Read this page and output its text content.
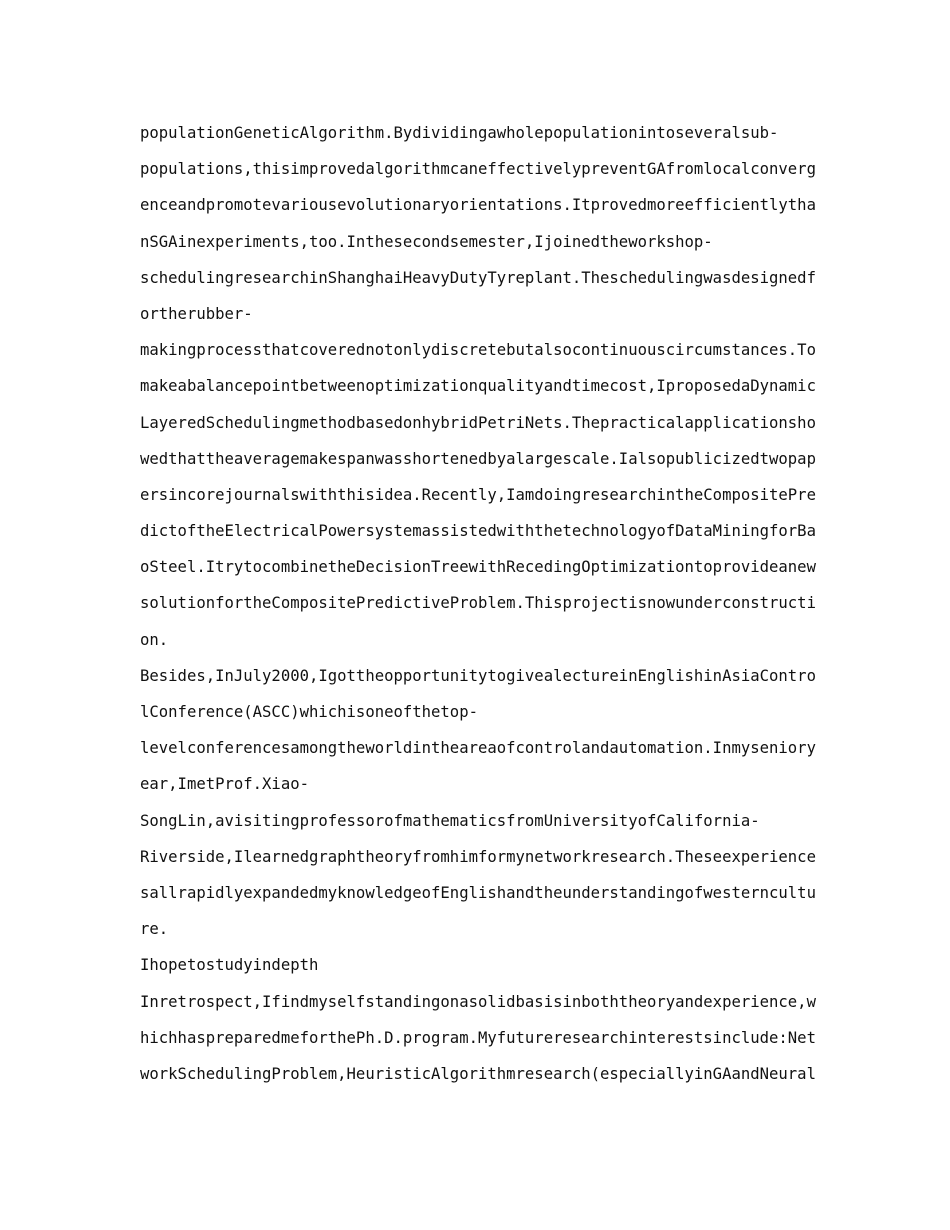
populationGeneticAlgorithm.Bydividingawholepopulationintoseveralsub-
populations,thisimprovedalgorithmcaneffectivelypreventGAfromlocalconverg
enceandpromotevariousevolutionaryorientations.Itprovedmoreefficientlytha
nSGAinexperiments,too.Inthesecondsemester,Ijoinedtheworkshop-
schedulingresearchinShanghaiHeavyDutyTyreplant.Theschedulingwasdesignedf
ortherubber-
makingprocessthatcoverednotonlydiscretebutalsocontinuouscircumstances.To
makeabalancepointbetweenoptimizationqualityandtimecost,IproposedaDynamic
LayeredSchedulingmethodbasedonhybridPetriNets.Thepracticalapplicationsho
wedthattheaveragemakespanwasshortenedbyalargescale.Ialsopublicizedtwopap
ersincorejournalswiththisidea.Recently,IamdoingresearchintheCompositePre
dictoftheElectricalPowersystemassistedwiththetechnologyofDataMiningforBa
oSteel.ItrytocombinetheDecisionTreewithRecedingOptimizationtoprovideanew
solutionfortheCompositePredictiveProblem.Thisprojectisnowunderconstructi
on.
Besides,InJuly2000,IgottheopportunitytogivealectureinEnglishinAsiaContro
lConference(ASCC)whichisoneofthetop-
levelconferencesamongtheworldintheareaofcontrolandautomation.Inmyseniory
ear,ImetProf.Xiao-
SongLin,avisitingprofessorofmathematicsfromUniversityofCalifornia-
Riverside,Ilearnedgraphtheoryfromhimformynetworkresearch.Theseexperience
sallrapidlyexpandedmyknowledgeofEnglishandtheunderstandingofwesterncultu
re.
Ihopetostudyindepth
Inretrospect,Ifindmyselfstandingonasolidbasisinboththeoryandexperience,w
hichhaspreparedmeforthePh.D.program.Myfutureresearchinterestsinclude:Net
workSchedulingProblem,HeuristicAlgorithmresearch(especiallyinGAandNeural
